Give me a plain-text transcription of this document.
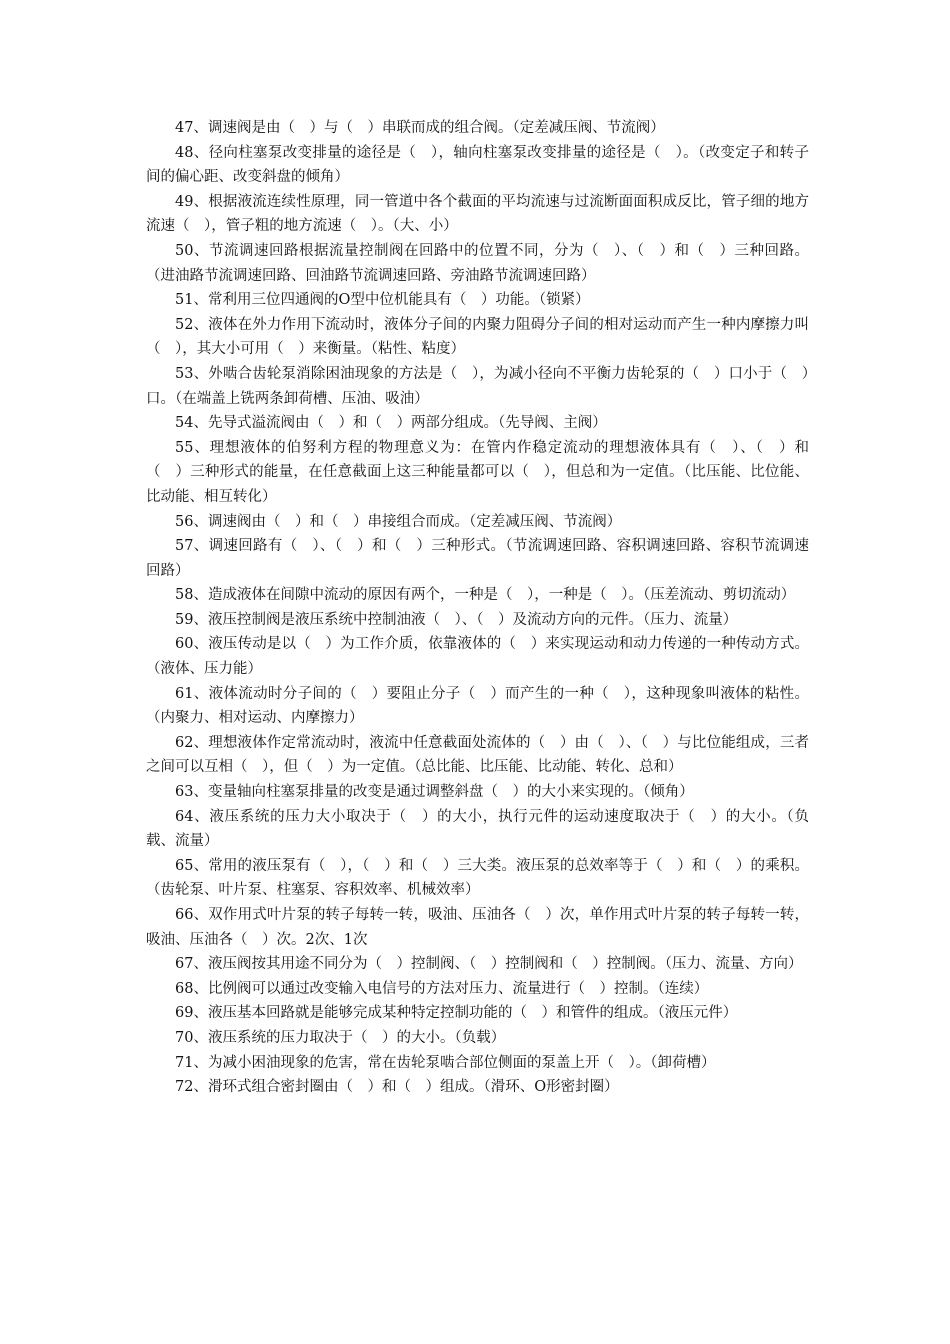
47、调速阀是由（　）与（　）串联而成的组合阀。（定差减压阀、节流阀）

48、径向柱塞泵改变排量的途径是（　），轴向柱塞泵改变排量的途径是（　）。（改变定子和转子间的偏心距、改变斜盘的倾角）

49、根据液流连续性原理，同一管道中各个截面的平均流速与过流断面面积成反比，管子细的地方流速（　），管子粗的地方流速（　）。（大、小）

50、节流调速回路根据流量控制阀在回路中的位置不同，分为（　）、（　）和（　）三种回路。（进油路节流调速回路、回油路节流调速回路、旁油路节流调速回路）

51、常利用三位四通阀的O型中位机能具有（　）功能。（锁紧）

52、液体在外力作用下流动时，液体分子间的内聚力阻碍分子间的相对运动而产生一种内摩擦力叫（　），其大小可用（　）来衡量。（粘性、粘度）

53、外啮合齿轮泵消除困油现象的方法是（　），为减小径向不平衡力齿轮泵的（　）口小于（　）口。（在端盖上铣两条卸荷槽、压油、吸油）

54、先导式溢流阀由（　）和（　）两部分组成。（先导阀、主阀）

55、理想液体的伯努利方程的物理意义为：在管内作稳定流动的理想液体具有（　）、（　）和（　）三种形式的能量，在任意截面上这三种能量都可以（　），但总和为一定值。（比压能、比位能、比动能、相互转化）

56、调速阀由（　）和（　）串接组合而成。（定差减压阀、节流阀）

57、调速回路有（　）、（　）和（　）三种形式。（节流调速回路、容积调速回路、容积节流调速回路）

58、造成液体在间隙中流动的原因有两个，一种是（　），一种是（　）。（压差流动、剪切流动）

59、液压控制阀是液压系统中控制油液（　）、（　）及流动方向的元件。（压力、流量）

60、液压传动是以（　）为工作介质，依靠液体的（　）来实现运动和动力传递的一种传动方式。（液体、压力能）

61、液体流动时分子间的（　）要阻止分子（　）而产生的一种（　），这种现象叫液体的粘性。（内聚力、相对运动、内摩擦力）

62、理想液体作定常流动时，液流中任意截面处流体的（　）由（　）、（　）与比位能组成，三者之间可以互相（　），但（　）为一定值。（总比能、比压能、比动能、转化、总和）

63、变量轴向柱塞泵排量的改变是通过调整斜盘（　）的大小来实现的。（倾角）

64、液压系统的压力大小取决于（　）的大小，执行元件的运动速度取决于（　）的大小。（负载、流量）

65、常用的液压泵有（　），（　）和（　）三大类。液压泵的总效率等于（　）和（　）的乘积。（齿轮泵、叶片泵、柱塞泵、容积效率、机械效率）

66、双作用式叶片泵的转子每转一转，吸油、压油各（　）次，单作用式叶片泵的转子每转一转，吸油、压油各（　）次。2次、1次

67、液压阀按其用途不同分为（　）控制阀、（　）控制阀和（　）控制阀。（压力、流量、方向）

68、比例阀可以通过改变输入电信号的方法对压力、流量进行（　）控制。（连续）

69、液压基本回路就是能够完成某种特定控制功能的（　）和管件的组成。（液压元件）

70、液压系统的压力取决于（　）的大小。（负载）

71、为减小困油现象的危害，常在齿轮泵啮合部位侧面的泵盖上开（　）。（卸荷槽）

72、滑环式组合密封圈由（　）和（　）组成。（滑环、O形密封圈）
